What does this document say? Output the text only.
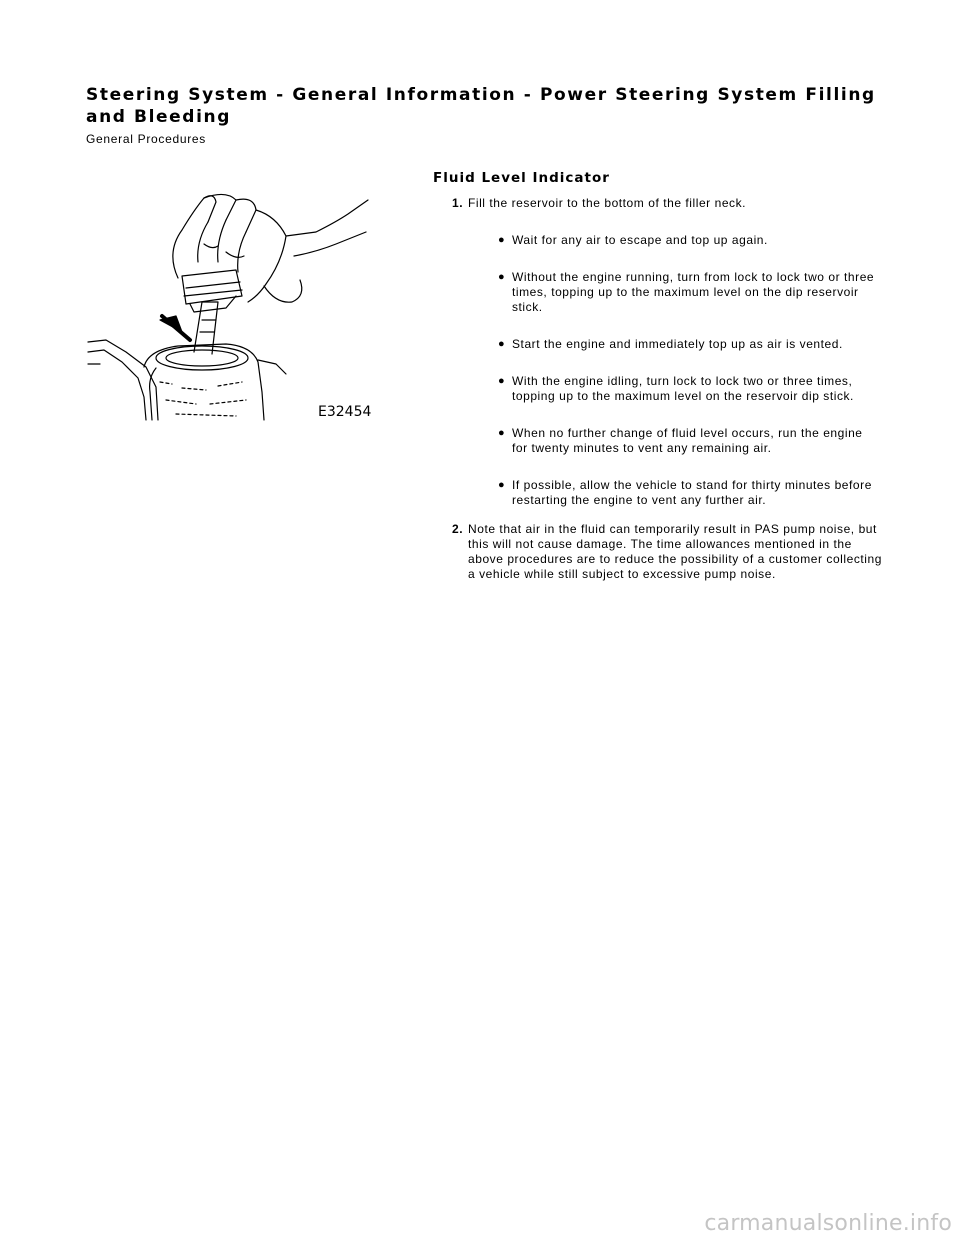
Steering System - General Information - Power Steering System Filling and Bleeding

General Procedures

E32454
Fluid Level Indicator
1. Fill the reservoir to the bottom of the filler neck.
● Wait for any air to escape and top up again.
● Without the engine running, turn from lock to lock two or three times, topping up to the maximum level on the dip reservoir stick.
● Start the engine and immediately top up as air is vented.
● With the engine idling, turn lock to lock two or three times, topping up to the maximum level on the reservoir dip stick.
● When no further change of fluid level occurs, run the engine for twenty minutes to vent any remaining air.
● If possible, allow the vehicle to stand for thirty minutes before restarting the engine to vent any further air.
2. Note that air in the fluid can temporarily result in PAS pump noise, but this will not cause damage. The time allowances mentioned in the above procedures are to reduce the possibility of a customer collecting a vehicle while still subject to excessive pump noise.
carmanualsonline.info
